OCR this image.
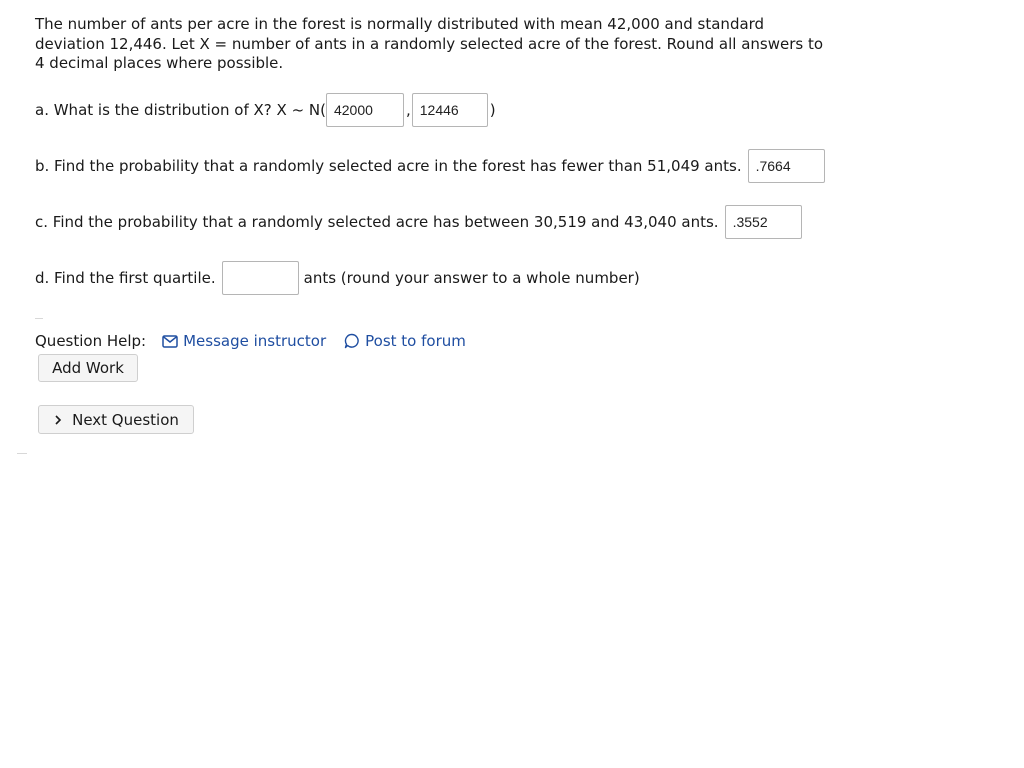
The number of ants per acre in the forest is normally distributed with mean 42,000 and standard deviation 12,446. Let X = number of ants in a randomly selected acre of the forest. Round all answers to 4 decimal places where possible.
a. What is the distribution of X? X ~ N( 42000	, 12446	)
b. Find the probability that a randomly selected acre in the forest has fewer than 51,049 ants.	.7664
c. Find the probability that a randomly selected acre has between 30,519 and 43,040 ants.	.3552
d. Find the first quartile.	ants (round your answer to a whole number)
Question Help: Message instructor	Post to forum
Add Work
Next Question
